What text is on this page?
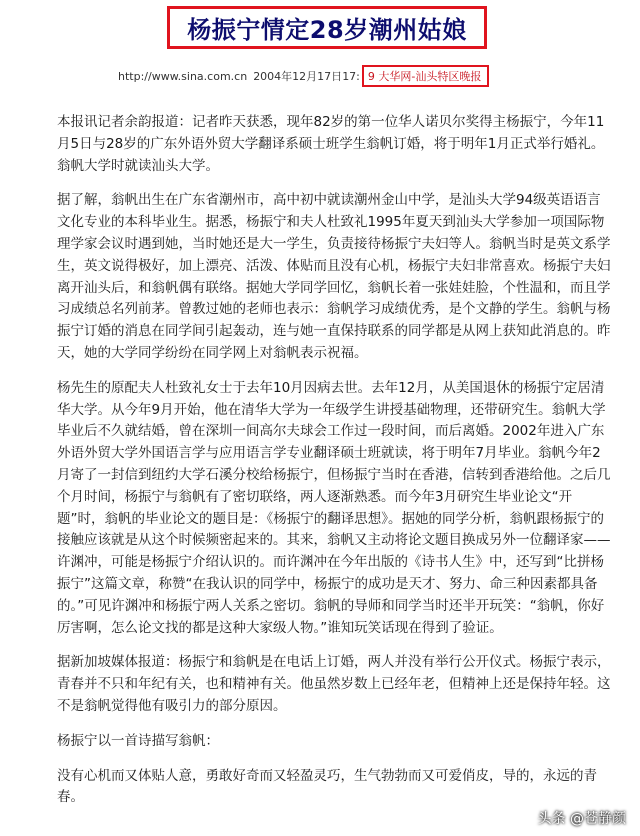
杨振宁情定28岁潮州姑娘
http://www.sina.com.cn 2004年12月17日 17: 9 大华网-汕头特区晚报

本报讯记者余韵报道：记者昨天获悉，现年82岁的第一位华人诺贝尔奖得主杨振宁，今年11月5日与28岁的广东外语外贸大学翻译系硕士班学生翁帆订婚，将于明年1月正式举行婚礼。翁帆大学时就读汕头大学。

据了解，翁帆出生在广东省潮州市，高中初中就读潮州金山中学，是汕头大学94级英语语言文化专业的本科毕业生。据悉，杨振宁和夫人杜致礼1995年夏天到汕头大学参加一项国际物理学家会议时遇到她，当时她还是大一学生，负责接待杨振宁夫妇等人。翁帆当时是英文系学生，英文说得极好，加上漂亮、活泼、体贴而且没有心机，杨振宁夫妇非常喜欢。杨振宁夫妇离开汕头后，和翁帆偶有联络。据她大学同学回忆，翁帆长着一张娃娃脸，个性温和，而且学习成绩总名列前茅。曾教过她的老师也表示：翁帆学习成绩优秀，是个文静的学生。翁帆与杨振宁订婚的消息在同学间引起轰动，连与她一直保持联系的同学都是从网上获知此消息的。昨天，她的大学同学纷纷在同学网上对翁帆表示祝福。

杨先生的原配夫人杜致礼女士于去年10月因病去世。去年12月，从美国退休的杨振宁定居清华大学。从今年9月开始，他在清华大学为一年级学生讲授基础物理，还带研究生。翁帆大学毕业后不久就结婚，曾在深圳一间高尔夫球会工作过一段时间，而后离婚。2002年进入广东外语外贸大学外国语言学与应用语言学专业翻译硕士班就读，将于明年7月毕业。翁帆今年2月寄了一封信到纽约大学石溪分校给杨振宁，但杨振宁当时在香港，信转到香港给他。之后几个月时间，杨振宁与翁帆有了密切联络，两人逐渐熟悉。而今年3月研究生毕业论文“开题”时，翁帆的毕业论文的题目是：《杨振宁的翻译思想》。据她的同学分析，翁帆跟杨振宁的接触应该就是从这个时候频密起来的。其来，翁帆又主动将论文题目换成另外一位翻译家——许渊冲，可能是杨振宁介绍认识的。而许渊冲在今年出版的《诗书人生》中，还写到“比拼杨振宁”这篇文章，称赞“在我认识的同学中，杨振宁的成功是天才、努力、命三种因素都具备的。”可见许渊冲和杨振宁两人关系之密切。翁帆的导师和同学当时还半开玩笑：“翁帆，你好厉害啊，怎么论文找的都是这种大家级人物。”谁知玩笑话现在得到了验证。

据新加坡媒体报道：杨振宁和翁帆是在电话上订婚，两人并没有举行公开仪式。杨振宁表示，青春并不只和年纪有关，也和精神有关。他虽然岁数上已经年老，但精神上还是保持年轻。这不是翁帆觉得他有吸引力的部分原因。

杨振宁以一首诗描写翁帆：

没有心机而又体贴人意，勇敢好奇而又轻盈灵巧，生气勃勃而又可爱俏皮，导的，永远的青春。

头条 @苍静颜
